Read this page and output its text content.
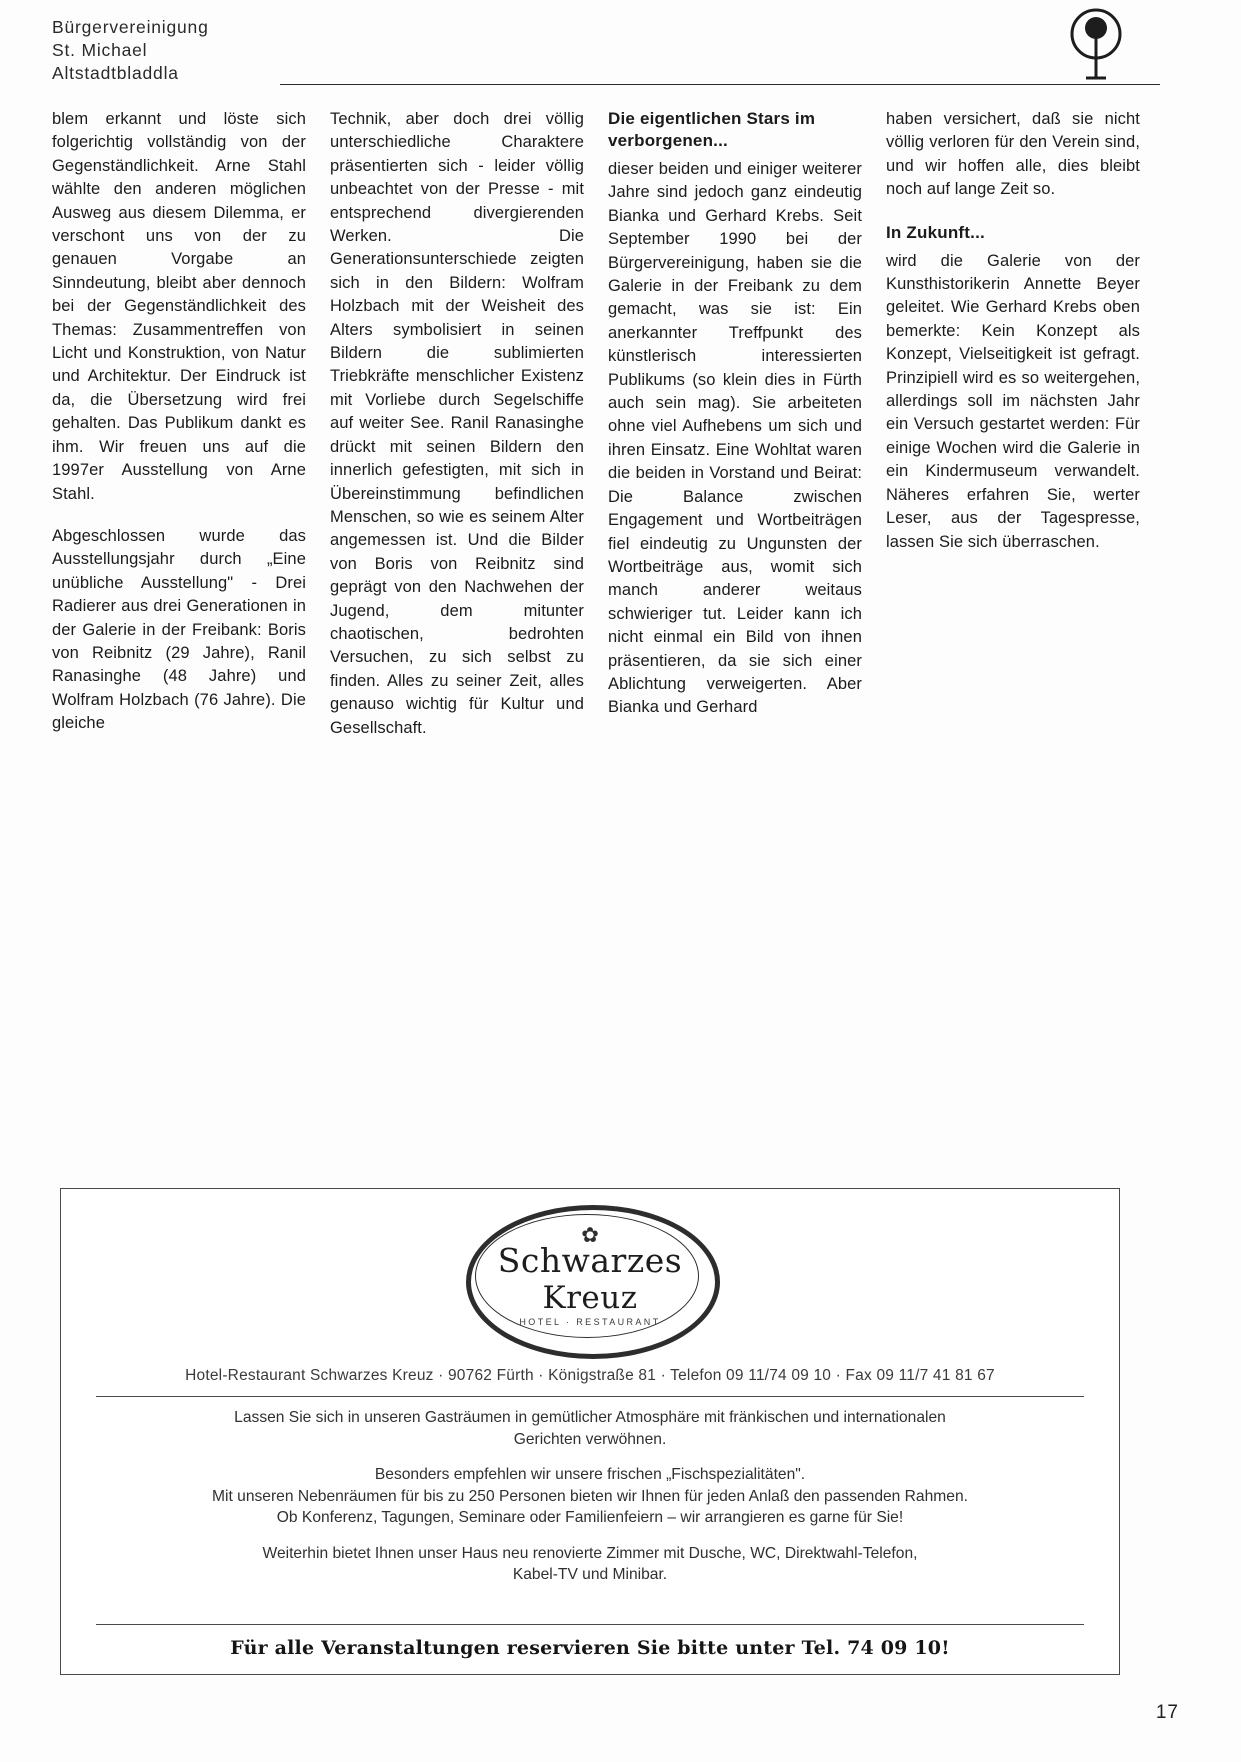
Bürgervereinigung
St. Michael
Altstadtbladdla

blem erkannt und löste sich folgerichtig vollständig von der Gegenständlichkeit. Arne Stahl wählte den anderen möglichen Ausweg aus diesem Dilemma, er verschont uns von der zu genauen Vorgabe an Sinndeutung, bleibt aber dennoch bei der Gegenständlichkeit des Themas: Zusammentreffen von Licht und Konstruktion, von Natur und Architektur. Der Eindruck ist da, die Übersetzung wird frei gehalten. Das Publikum dankt es ihm. Wir freuen uns auf die 1997er Ausstellung von Arne Stahl.

Abgeschlossen wurde das Ausstellungsjahr durch „Eine unübliche Ausstellung" - Drei Radierer aus drei Generationen in der Galerie in der Freibank: Boris von Reibnitz (29 Jahre), Ranil Ranasinghe (48 Jahre) und Wolfram Holzbach (76 Jahre). Die gleiche

Technik, aber doch drei völlig unterschiedliche Charaktere präsentierten sich - leider völlig unbeachtet von der Presse - mit entsprechend divergierenden Werken. Die Generationsunterschiede zeigten sich in den Bildern: Wolfram Holzbach mit der Weisheit des Alters symbolisiert in seinen Bildern die sublimierten Triebkräfte menschlicher Existenz mit Vorliebe durch Segelschiffe auf weiter See. Ranil Ranasinghe drückt mit seinen Bildern den innerlich gefestigten, mit sich in Übereinstimmung befindlichen Menschen, so wie es seinem Alter angemessen ist. Und die Bilder von Boris von Reibnitz sind geprägt von den Nachwehen der Jugend, dem mitunter chaotischen, bedrohten Versuchen, zu sich selbst zu finden. Alles zu seiner Zeit, alles genauso wichtig für Kultur und Gesellschaft.

Die eigentlichen Stars im verborgenen...

dieser beiden und einiger weiterer Jahre sind jedoch ganz eindeutig Bianka und Gerhard Krebs. Seit September 1990 bei der Bürgervereinigung, haben sie die Galerie in der Freibank zu dem gemacht, was sie ist: Ein anerkannter Treffpunkt des künstlerisch interessierten Publikums (so klein dies in Fürth auch sein mag). Sie arbeiteten ohne viel Aufhebens um sich und ihren Einsatz. Eine Wohltat waren die beiden in Vorstand und Beirat: Die Balance zwischen Engagement und Wortbeiträgen fiel eindeutig zu Ungunsten der Wortbeiträge aus, womit sich manch anderer weitaus schwieriger tut. Leider kann ich nicht einmal ein Bild von ihnen präsentieren, da sie sich einer Ablichtung verweigerten. Aber Bianka und Gerhard

haben versichert, daß sie nicht völlig verloren für den Verein sind, und wir hoffen alle, dies bleibt noch auf lange Zeit so.

In Zukunft...

wird die Galerie von der Kunsthistorikerin Annette Beyer geleitet. Wie Gerhard Krebs oben bemerkte: Kein Konzept als Konzept, Vielseitigkeit ist gefragt. Prinzipiell wird es so weitergehen, allerdings soll im nächsten Jahr ein Versuch gestartet werden: Für einige Wochen wird die Galerie in ein Kindermuseum verwandelt. Näheres erfahren Sie, werter Leser, aus der Tagespresse, lassen Sie sich überraschen.

✿
Schwarzes
Kreuz
HOTEL · RESTAURANT
Hotel-Restaurant Schwarzes Kreuz · 90762 Fürth · Königstraße 81 · Telefon 09 11/74 09 10 · Fax 09 11/7 41 81 67
Lassen Sie sich in unseren Gasträumen in gemütlicher Atmosphäre mit fränkischen und internationalen
Gerichten verwöhnen.
Besonders empfehlen wir unsere frischen „Fischspezialitäten".
Mit unseren Nebenräumen für bis zu 250 Personen bieten wir Ihnen für jeden Anlaß den passenden Rahmen.
Ob Konferenz, Tagungen, Seminare oder Familienfeiern – wir arrangieren es garne für Sie!
Weiterhin bietet Ihnen unser Haus neu renovierte Zimmer mit Dusche, WC, Direktwahl-Telefon,
Kabel-TV und Minibar.
Für alle Veranstaltungen reservieren Sie bitte unter Tel. 74 09 10!
17
